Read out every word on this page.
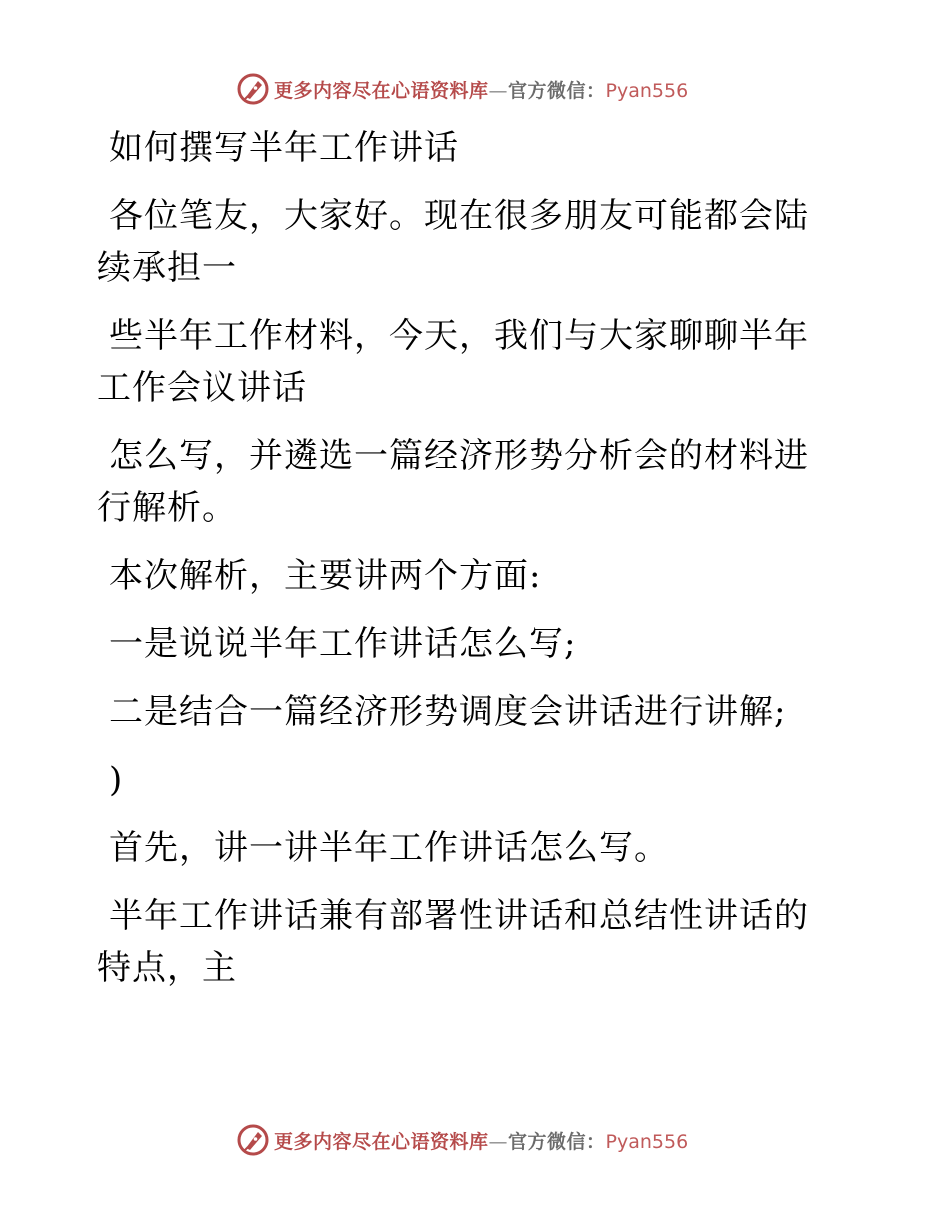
更多内容尽在心语资料库—官方微信：Pyan556

如何撰写半年工作讲话

各位笔友，大家好。现在很多朋友可能都会陆续承担一

些半年工作材料，今天，我们与大家聊聊半年工作会议讲话

怎么写，并遴选一篇经济形势分析会的材料进行解析。

本次解析，主要讲两个方面:

一是说说半年工作讲话怎么写;

二是结合一篇经济形势调度会讲话进行讲解;

)

首先，讲一讲半年工作讲话怎么写。

半年工作讲话兼有部署性讲话和总结性讲话的特点，主

更多内容尽在心语资料库—官方微信：Pyan556
